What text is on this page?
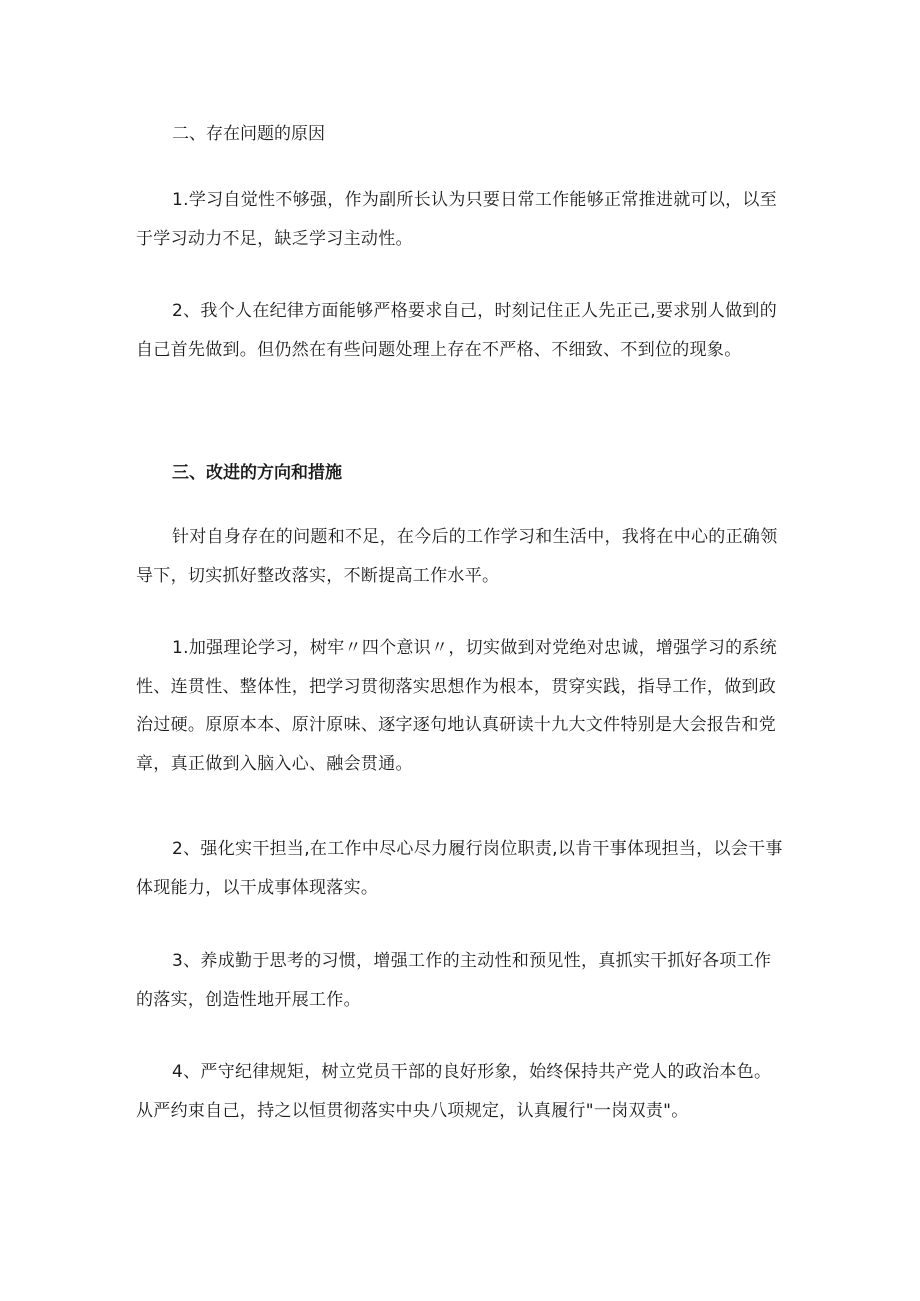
二、存在问题的原因

1.学习自觉性不够强，作为副所长认为只要日常工作能够正常推进就可以，以至于学习动力不足，缺乏学习主动性。

2、我个人在纪律方面能够严格要求自己，时刻记住正人先正己,要求别人做到的自己首先做到。但仍然在有些问题处理上存在不严格、不细致、不到位的现象。

三、改进的方向和措施

针对自身存在的问题和不足，在今后的工作学习和生活中，我将在中心的正确领导下，切实抓好整改落实，不断提高工作水平。

1.加强理论学习，树牢〃四个意识〃，切实做到对党绝对忠诚，增强学习的系统性、连贯性、整体性，把学习贯彻落实思想作为根本，贯穿实践，指导工作，做到政治过硬。原原本本、原汁原味、逐字逐句地认真研读十九大文件特别是大会报告和党章，真正做到入脑入心、融会贯通。

2、强化实干担当,在工作中尽心尽力履行岗位职责,以肯干事体现担当，以会干事体现能力，以干成事体现落实。

3、养成勤于思考的习惯，增强工作的主动性和预见性，真抓实干抓好各项工作的落实，创造性地开展工作。

4、严守纪律规矩，树立党员干部的良好形象，始终保持共产党人的政治本色。从严约束自己，持之以恒贯彻落实中央八项规定，认真履行"一岗双责"。
